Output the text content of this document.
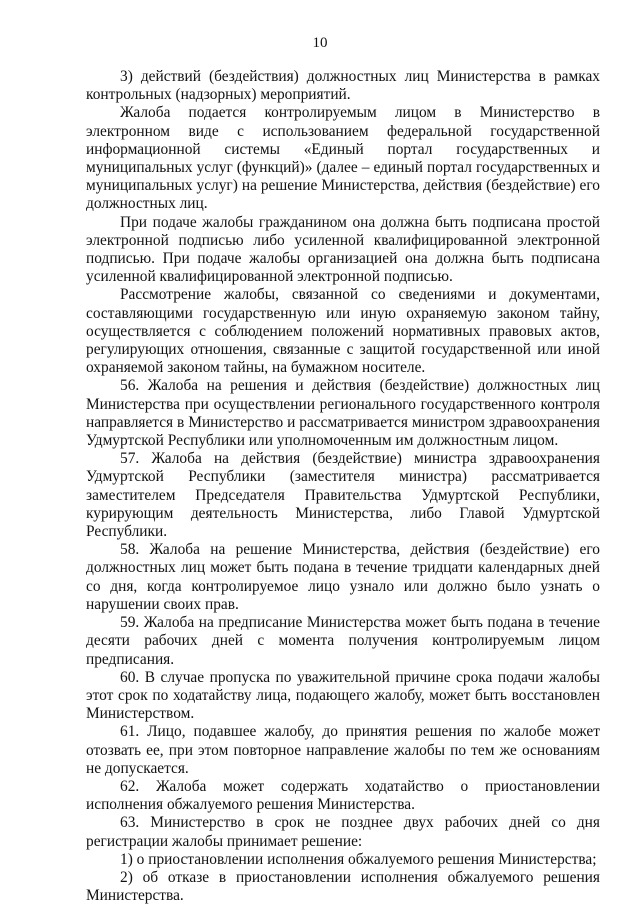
10

3) действий (бездействия) должностных лиц Министерства в рамках контрольных (надзорных) мероприятий.

Жалоба подается контролируемым лицом в Министерство в электронном виде с использованием федеральной государственной информационной системы «Единый портал государственных и муниципальных услуг (функций)» (далее – единый портал государственных и муниципальных услуг) на решение Министерства, действия (бездействие) его должностных лиц.

При подаче жалобы гражданином она должна быть подписана простой электронной подписью либо усиленной квалифицированной электронной подписью. При подаче жалобы организацией она должна быть подписана усиленной квалифицированной электронной подписью.

Рассмотрение жалобы, связанной со сведениями и документами, составляющими государственную или иную охраняемую законом тайну, осуществляется с соблюдением положений нормативных правовых актов, регулирующих отношения, связанные с защитой государственной или иной охраняемой законом тайны, на бумажном носителе.

56. Жалоба на решения и действия (бездействие) должностных лиц Министерства при осуществлении регионального государственного контроля направляется в Министерство и рассматривается министром здравоохранения Удмуртской Республики или уполномоченным им должностным лицом.

57. Жалоба на действия (бездействие) министра здравоохранения Удмуртской Республики (заместителя министра) рассматривается заместителем Председателя Правительства Удмуртской Республики, курирующим деятельность Министерства, либо Главой Удмуртской Республики.

58. Жалоба на решение Министерства, действия (бездействие) его должностных лиц может быть подана в течение тридцати календарных дней со дня, когда контролируемое лицо узнало или должно было узнать о нарушении своих прав.

59. Жалоба на предписание Министерства может быть подана в течение десяти рабочих дней с момента получения контролируемым лицом предписания.

60. В случае пропуска по уважительной причине срока подачи жалобы этот срок по ходатайству лица, подающего жалобу, может быть восстановлен Министерством.

61. Лицо, подавшее жалобу, до принятия решения по жалобе может отозвать ее, при этом повторное направление жалобы по тем же основаниям не допускается.

62. Жалоба может содержать ходатайство о приостановлении исполнения обжалуемого решения Министерства.

63. Министерство в срок не позднее двух рабочих дней со дня регистрации жалобы принимает решение:

1) о приостановлении исполнения обжалуемого решения Министерства;

2) об отказе в приостановлении исполнения обжалуемого решения Министерства.
